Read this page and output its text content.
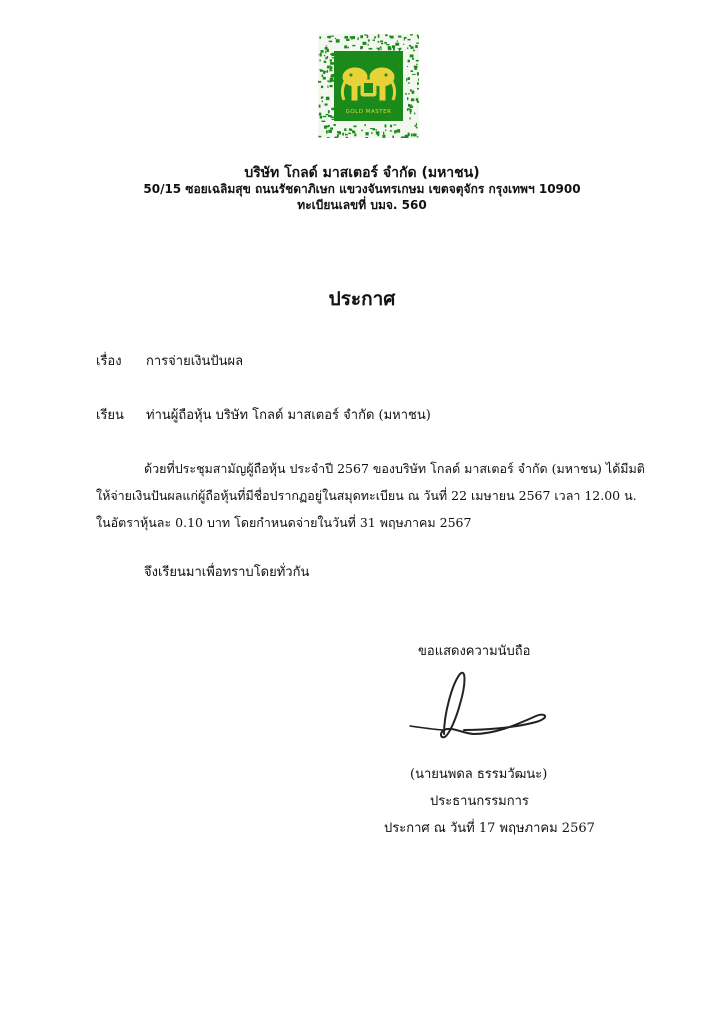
GOLD MASTER
บริษัท โกลด์ มาสเตอร์ จำกัด (มหาชน)
50/15 ซอยเฉลิมสุข ถนนรัชดาภิเษก แขวงจันทรเกษม เขตจตุจักร กรุงเทพฯ 10900
ทะเบียนเลขที่ บมจ. 560
ประกาศ
เรื่อง การจ่ายเงินปันผล
เรียน ท่านผู้ถือหุ้น บริษัท โกลด์ มาสเตอร์ จำกัด (มหาชน)
ด้วยที่ประชุมสามัญผู้ถือหุ้น ประจำปี 2567 ของบริษัท โกลด์ มาสเตอร์ จำกัด (มหาชน) ได้มีมติ
ให้จ่ายเงินปันผลแก่ผู้ถือหุ้นที่มีชื่อปรากฏอยู่ในสมุดทะเบียน ณ วันที่ 22 เมษายน 2567 เวลา 12.00 น.
ในอัตราหุ้นละ 0.10 บาท โดยกำหนดจ่ายในวันที่ 31 พฤษภาคม 2567
จึงเรียนมาเพื่อทราบโดยทั่วกัน
ขอแสดงความนับถือ
(นายนพดล ธรรมวัฒนะ)
ประธานกรรมการ
ประกาศ ณ วันที่ 17 พฤษภาคม 2567
